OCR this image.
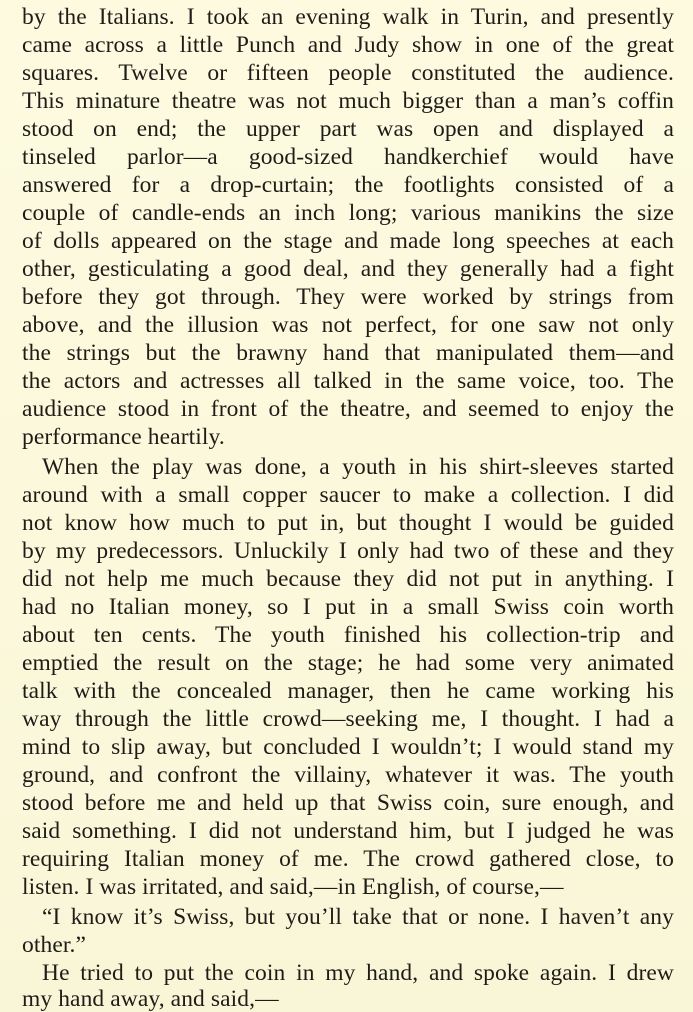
by the Italians. I took an evening walk in Turin, and presently
came across a little Punch and Judy show in one of the great
squares. Twelve or fifteen people constituted the audience.
This minature theatre was not much bigger than a man’s coffin
stood on end; the upper part was open and displayed a
tinseled parlor—a good-sized handkerchief would have
answered for a drop-curtain; the footlights consisted of a
couple of candle-ends an inch long; various manikins the size
of dolls appeared on the stage and made long speeches at each
other, gesticulating a good deal, and they generally had a fight
before they got through. They were worked by strings from
above, and the illusion was not perfect, for one saw not only
the strings but the brawny hand that manipulated them—and
the actors and actresses all talked in the same voice, too. The
audience stood in front of the theatre, and seemed to enjoy the
performance heartily.
When the play was done, a youth in his shirt-sleeves started
around with a small copper saucer to make a collection. I did
not know how much to put in, but thought I would be guided
by my predecessors. Unluckily I only had two of these and they
did not help me much because they did not put in anything. I
had no Italian money, so I put in a small Swiss coin worth
about ten cents. The youth finished his collection-trip and
emptied the result on the stage; he had some very animated
talk with the concealed manager, then he came working his
way through the little crowd—seeking me, I thought. I had a
mind to slip away, but concluded I wouldn’t; I would stand my
ground, and confront the villainy, whatever it was. The youth
stood before me and held up that Swiss coin, sure enough, and
said something. I did not understand him, but I judged he was
requiring Italian money of me. The crowd gathered close, to
listen. I was irritated, and said,—in English, of course,—
“I know it’s Swiss, but you’ll take that or none. I haven’t any
other.”
He tried to put the coin in my hand, and spoke again. I drew
my hand away, and said,—
